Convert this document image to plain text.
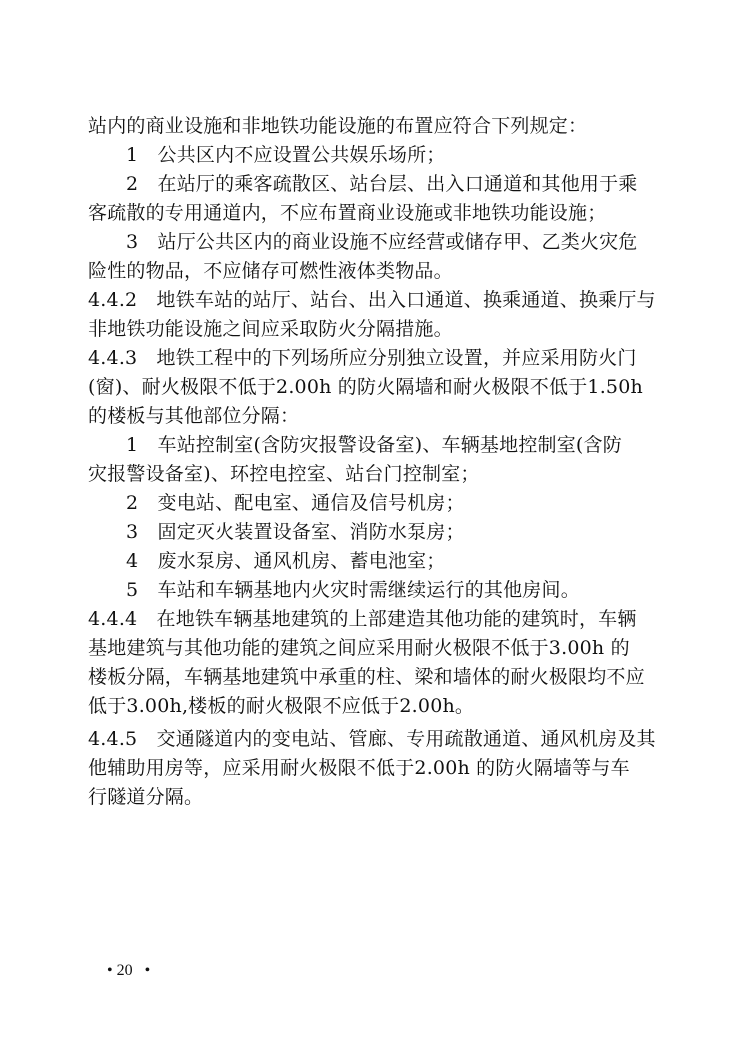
站内的商业设施和非地铁功能设施的布置应符合下列规定：
1　公共区内不应设置公共娱乐场所；
2　在站厅的乘客疏散区、站台层、出入口通道和其他用于乘
客疏散的专用通道内，不应布置商业设施或非地铁功能设施；
3　站厅公共区内的商业设施不应经营或储存甲、乙类火灾危
险性的物品，不应储存可燃性液体类物品。
4.4.2　地铁车站的站厅、站台、出入口通道、换乘通道、换乘厅与
非地铁功能设施之间应采取防火分隔措施。
4.4.3　地铁工程中的下列场所应分别独立设置，并应采用防火门
(窗)、耐火极限不低于2.00h 的防火隔墙和耐火极限不低于1.50h
的楼板与其他部位分隔：
1　车站控制室(含防灾报警设备室)、车辆基地控制室(含防
灾报警设备室)、环控电控室、站台门控制室；
2　变电站、配电室、通信及信号机房；
3　固定灭火装置设备室、消防水泵房；
4　废水泵房、通风机房、蓄电池室；
5　车站和车辆基地内火灾时需继续运行的其他房间。
4.4.4　在地铁车辆基地建筑的上部建造其他功能的建筑时，车辆
基地建筑与其他功能的建筑之间应采用耐火极限不低于3.00h 的
楼板分隔，车辆基地建筑中承重的柱、梁和墙体的耐火极限均不应
低于3.00h,楼板的耐火极限不应低于2.00h。
4.4.5　交通隧道内的变电站、管廊、专用疏散通道、通风机房及其
他辅助用房等，应采用耐火极限不低于2.00h 的防火隔墙等与车
行隧道分隔。
• 20   •
